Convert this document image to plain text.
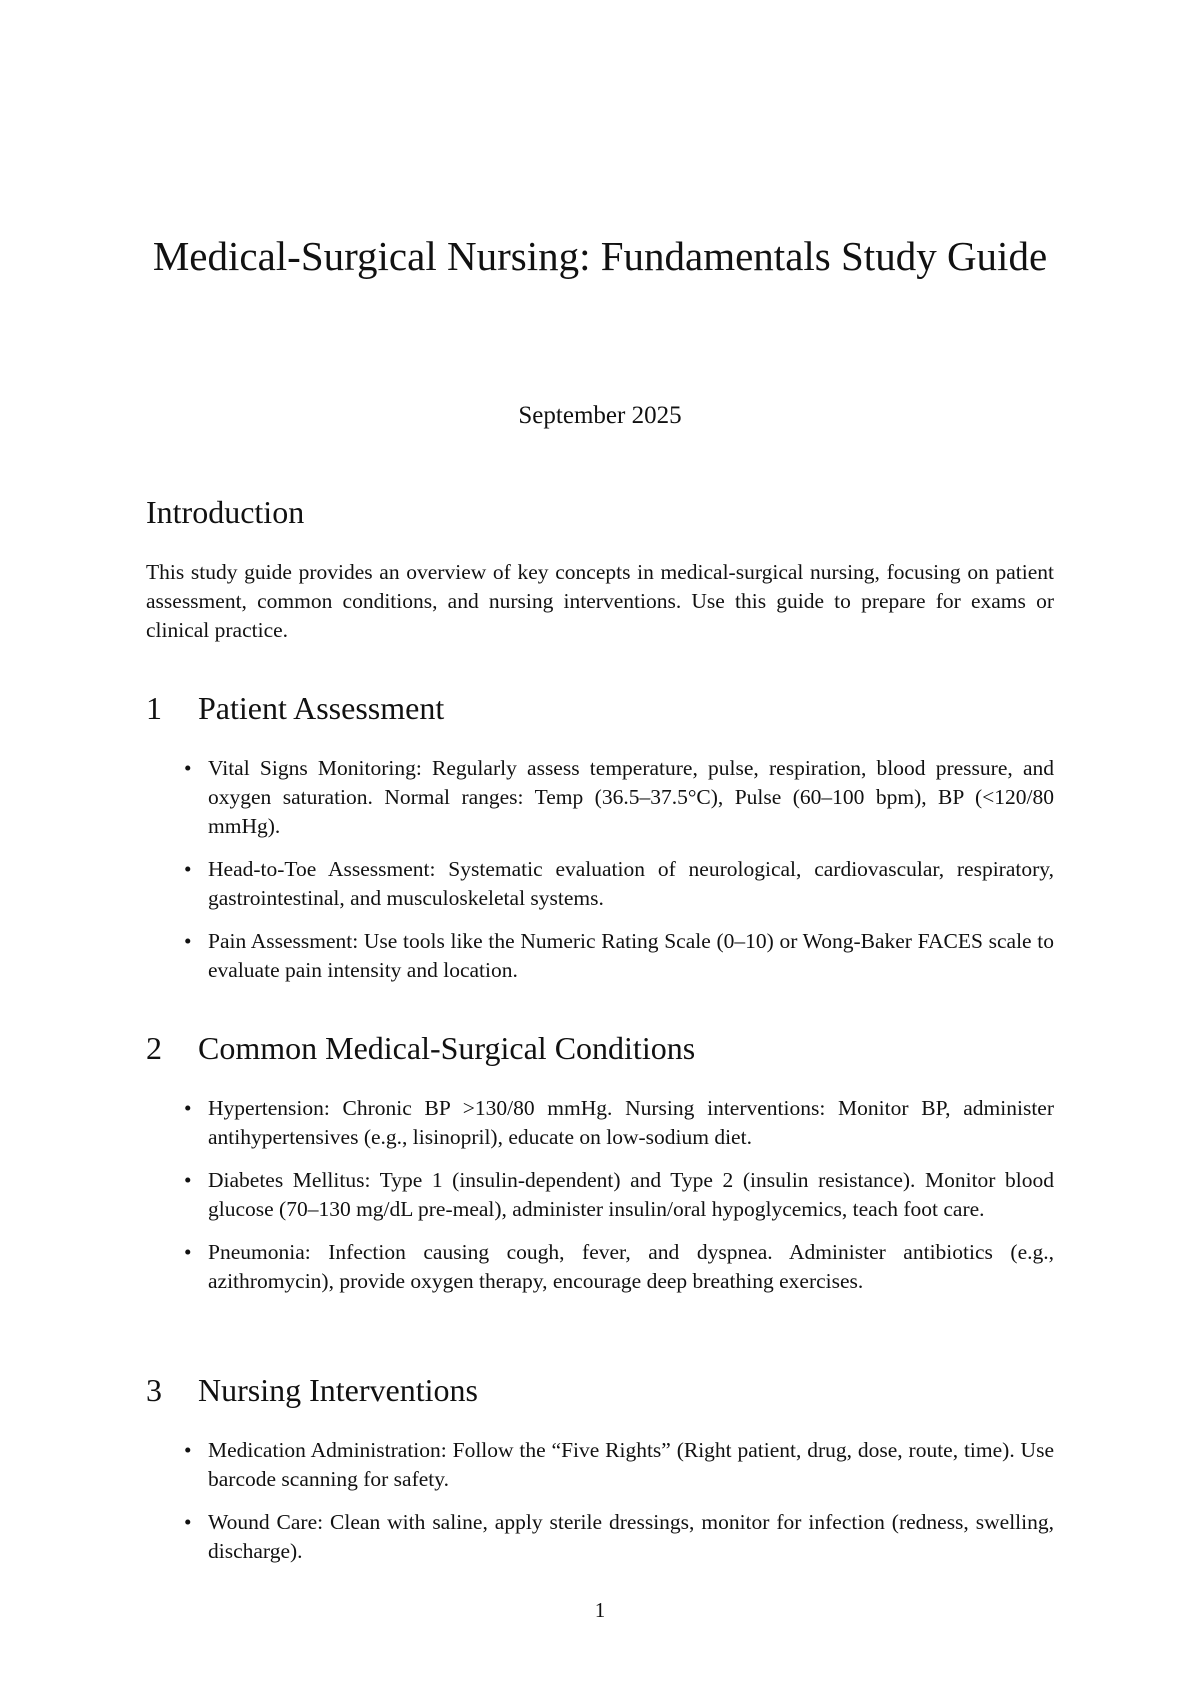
Medical-Surgical Nursing: Fundamentals Study Guide

September 2025

Introduction

This study guide provides an overview of key concepts in medical-surgical nursing, focusing on patient assessment, common conditions, and nursing interventions. Use this guide to prepare for exams or clinical practice.

1 Patient Assessment
• Vital Signs Monitoring: Regularly assess temperature, pulse, respiration, blood pressure, and oxygen saturation. Normal ranges: Temp (36.5–37.5°C), Pulse (60–100 bpm), BP (<120/80 mmHg).
• Head-to-Toe Assessment: Systematic evaluation of neurological, cardiovascular, respiratory, gastrointestinal, and musculoskeletal systems.
• Pain Assessment: Use tools like the Numeric Rating Scale (0–10) or Wong-Baker FACES scale to evaluate pain intensity and location.
2 Common Medical-Surgical Conditions
• Hypertension: Chronic BP >130/80 mmHg. Nursing interventions: Monitor BP, administer antihypertensives (e.g., lisinopril), educate on low-sodium diet.
• Diabetes Mellitus: Type 1 (insulin-dependent) and Type 2 (insulin resistance). Monitor blood glucose (70–130 mg/dL pre-meal), administer insulin/oral hypoglycemics, teach foot care.
• Pneumonia: Infection causing cough, fever, and dyspnea. Administer antibiotics (e.g., azithromycin), provide oxygen therapy, encourage deep breathing exercises.
3 Nursing Interventions
• Medication Administration: Follow the “Five Rights” (Right patient, drug, dose, route, time). Use barcode scanning for safety.
• Wound Care: Clean with saline, apply sterile dressings, monitor for infection (redness, swelling, discharge).
1
